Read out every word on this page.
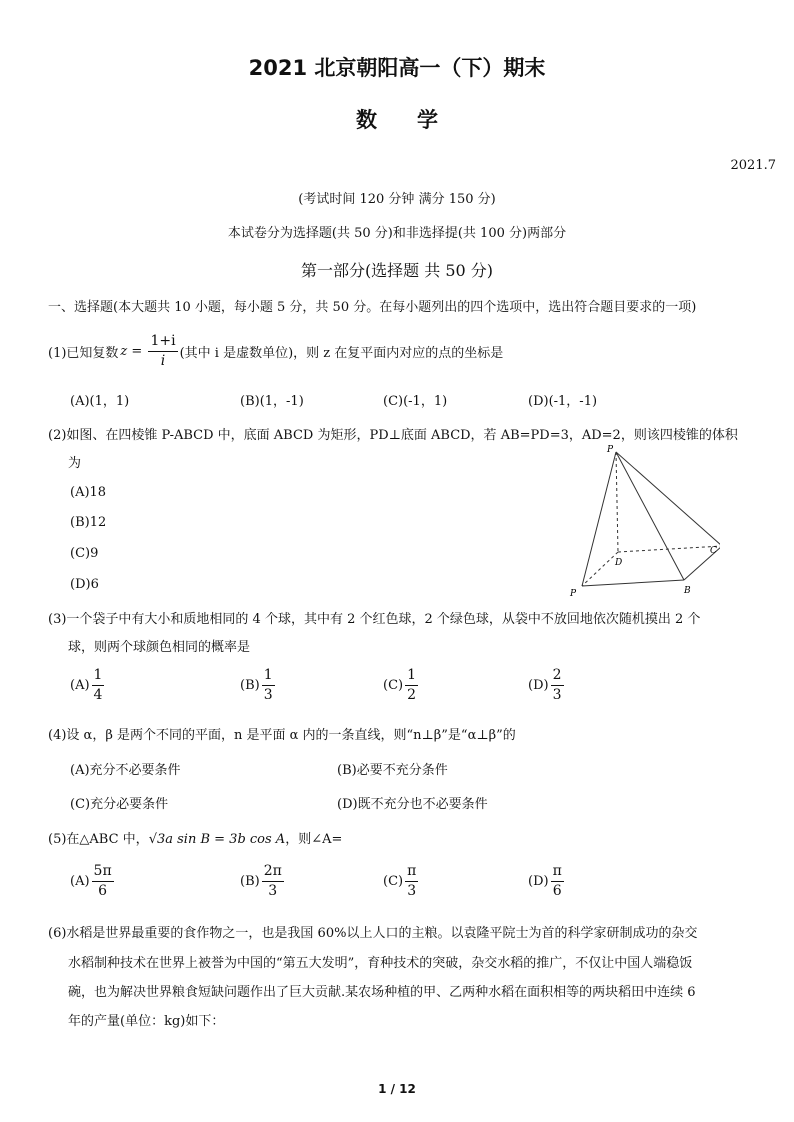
2021 北京朝阳高一（下）期末
数学
2021.7
(考试时间 120 分钟 满分 150 分)
本试卷分为选择题(共 50 分)和非选择提(共 100 分)两部分
第一部分(选择题 共 50 分)
一、选择题(本大题共 10 小题，每小题 5 分，共 50 分。在每小题列出的四个选项中，选出符合题目要求的一项)
(1)已知复数 $z = \frac{1+i}{i}$ (其中 i 是虚数单位)，则 z 在复平面内对应的点的坐标是
(A)(1，1)	(B)(1，-1)	(C)(-1，1)	(D)(-1，-1)
(2)如图、在四棱锥 P-ABCD 中，底面 ABCD 为矩形，PD⊥底面 ABCD，若 AB=PD=3，AD=2，则该四棱锥的体积
为
(A)18
(B)12
(C)9
(D)6
P
D
C
B
P
(3)一个袋子中有大小和质地相同的 4 个球，其中有 2 个红色球，2 个绿色球，从袋中不放回地依次随机摸出 2 个
球，则两个球颜色相同的概率是
$(A) \frac{1}{4}$	$(B) \frac{1}{3}$	$(C) \frac{1}{2}$	$(D) \frac{2}{3}$
(4)设 α，β 是两个不同的平面，n 是平面 α 内的一条直线，则“n⊥β”是“α⊥β”的
(A)充分不必要条件	(B)必要不充分条件
(C)充分必要条件	(D)既不充分也不必要条件
(5)在△ABC 中，√3a sin B = 3b cos A，则∠A=
$(A) \frac{5\pi}{6}$	$(B) \frac{2\pi}{3}$	$(C) \frac{\pi}{3}$	$(D) \frac{\pi}{6}$
(6)水稻是世界最重要的食作物之一，也是我国 60%以上人口的主粮。以袁隆平院士为首的科学家研制成功的杂交
水稻制种技术在世界上被誉为中国的“第五大发明”，育种技术的突破，杂交水稻的推广，不仅让中国人端稳饭
碗，也为解决世界粮食短缺问题作出了巨大贡献.某农场种植的甲、乙两种水稻在面积相等的两块稻田中连续 6
年的产量(单位：kg)如下：
1 / 12
